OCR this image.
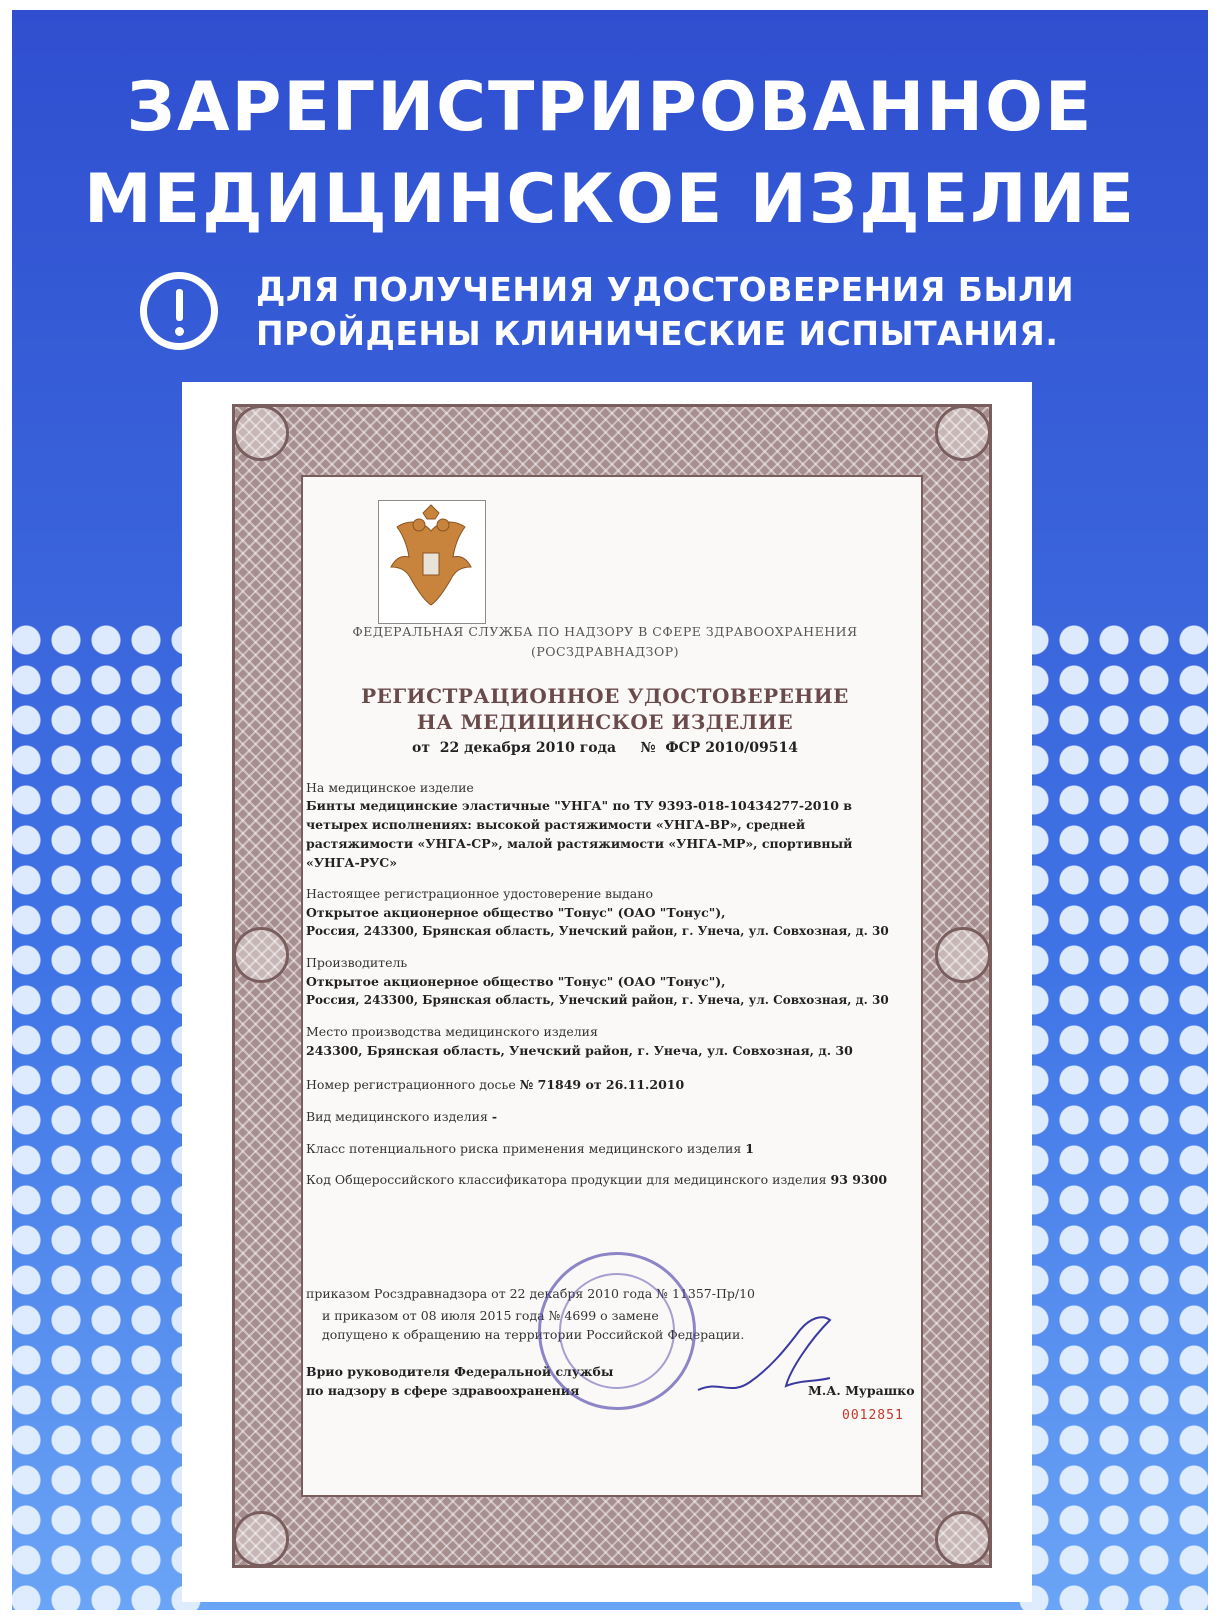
ЗАРЕГИСТРИРОВАННОЕ
МЕДИЦИНСКОЕ ИЗДЕЛИЕ
ДЛЯ ПОЛУЧЕНИЯ УДОСТОВЕРЕНИЯ БЫЛИ
ПРОЙДЕНЫ КЛИНИЧЕСКИЕ ИСПЫТАНИЯ.
ФЕДЕРАЛЬНАЯ СЛУЖБА ПО НАДЗОРУ В СФЕРЕ ЗДРАВООХРАНЕНИЯ
(РОСЗДРАВНАДЗОР)
РЕГИСТРАЦИОННОЕ УДОСТОВЕРЕНИЕ
НА МЕДИЦИНСКОЕ ИЗДЕЛИЕ
от  22 декабря 2010 года     №  ФСР 2010/09514
На медицинское изделие
Бинты медицинские эластичные "УНГА" по ТУ 9393-018-10434277-2010 в
четырех исполнениях: высокой растяжимости «УНГА-ВР», средней
растяжимости «УНГА-СР», малой растяжимости «УНГА-МР», спортивный
«УНГА-РУС»
Настоящее регистрационное удостоверение выдано
Открытое акционерное общество "Тонус" (ОАО "Тонус"),
Россия, 243300, Брянская область, Унечский район, г. Унеча, ул. Совхозная, д. 30
Производитель
Открытое акционерное общество "Тонус" (ОАО "Тонус"),
Россия, 243300, Брянская область, Унечский район, г. Унеча, ул. Совхозная, д. 30
Место производства медицинского изделия
243300, Брянская область, Унечский район, г. Унеча, ул. Совхозная, д. 30
Номер регистрационного досье № 71849 от 26.11.2010
Вид медицинского изделия -
Класс потенциального риска применения медицинского изделия 1
Код Общероссийского классификатора продукции для медицинского изделия 93 9300
приказом Росздравнадзора от 22 декабря 2010 года № 11357-Пр/10
и приказом от 08 июля 2015 года № 4699 о замене
допущено к обращению на территории Российской Федерации.
Врио руководителя Федеральной службы
по надзору в сфере здравоохранения	М.А. Мурашко
0012851
